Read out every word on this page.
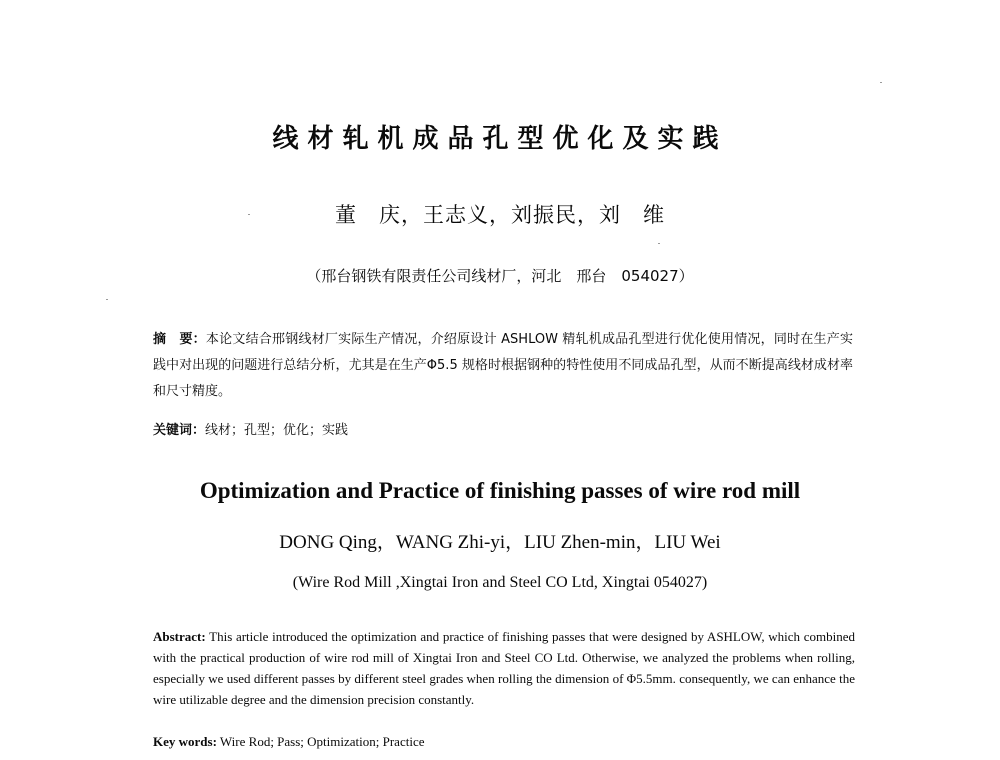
线材轧机成品孔型优化及实践
董　庆，王志义，刘振民，刘　维
（邢台钢铁有限责任公司线材厂，河北　邢台　054027）
摘　要：本论文结合邢钢线材厂实际生产情况，介绍原设计 ASHLOW 精轧机成品孔型进行优化使用情况，同时在生产实践中对出现的问题进行总结分析，尤其是在生产Φ5.5 规格时根据钢种的特性使用不同成品孔型，从而不断提高线材成材率和尺寸精度。
关键词：线材；孔型；优化；实践
Optimization and Practice of finishing passes of wire rod mill
DONG Qing，WANG Zhi-yi，LIU Zhen-min，LIU Wei
(Wire Rod Mill ,Xingtai Iron and Steel CO Ltd, Xingtai 054027)
Abstract: This article introduced the optimization and practice of finishing passes that were designed by ASHLOW, which combined with the practical production of wire rod mill of Xingtai Iron and Steel CO Ltd. Otherwise, we analyzed the problems when rolling, especially we used different passes by different steel grades when rolling the dimension of Φ5.5mm. consequently, we can enhance the wire utilizable degree and the dimension precision constantly.
Key words: Wire Rod; Pass; Optimization; Practice
